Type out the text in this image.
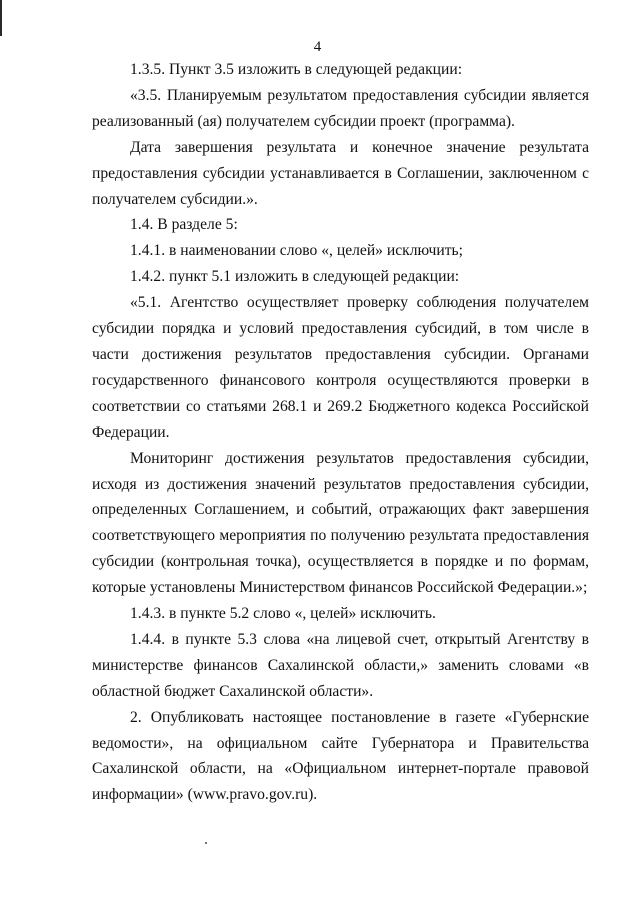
4

1.3.5. Пункт 3.5 изложить в следующей редакции:

«3.5. Планируемым результатом предоставления субсидии является реализованный (ая) получателем субсидии проект (программа).

Дата завершения результата и конечное значение результата предоставления субсидии устанавливается в Соглашении, заключенном с получателем субсидии.».

1.4. В разделе 5:

1.4.1. в наименовании слово «, целей» исключить;

1.4.2. пункт 5.1 изложить в следующей редакции:

«5.1. Агентство осуществляет проверку соблюдения получателем субсидии порядка и условий предоставления субсидий, в том числе в части достижения результатов предоставления субсидии. Органами государственного финансового контроля осуществляются проверки в соответствии со статьями 268.1 и 269.2 Бюджетного кодекса Российской Федерации.

Мониторинг достижения результатов предоставления субсидии, исходя из достижения значений результатов предоставления субсидии, определенных Соглашением, и событий, отражающих факт завершения соответствующего мероприятия по получению результата предоставления субсидии (контрольная точка), осуществляется в порядке и по формам, которые установлены Министерством финансов Российской Федерации.»;

1.4.3. в пункте 5.2 слово «, целей» исключить.

1.4.4. в пункте 5.3 слова «на лицевой счет, открытый Агентству в министерстве финансов Сахалинской области,» заменить словами «в областной бюджет Сахалинской области».

2. Опубликовать настоящее постановление в газете «Губернские ведомости», на официальном сайте Губернатора и Правительства Сахалинской области, на «Официальном интернет-портале правовой информации» (www.pravo.gov.ru).
